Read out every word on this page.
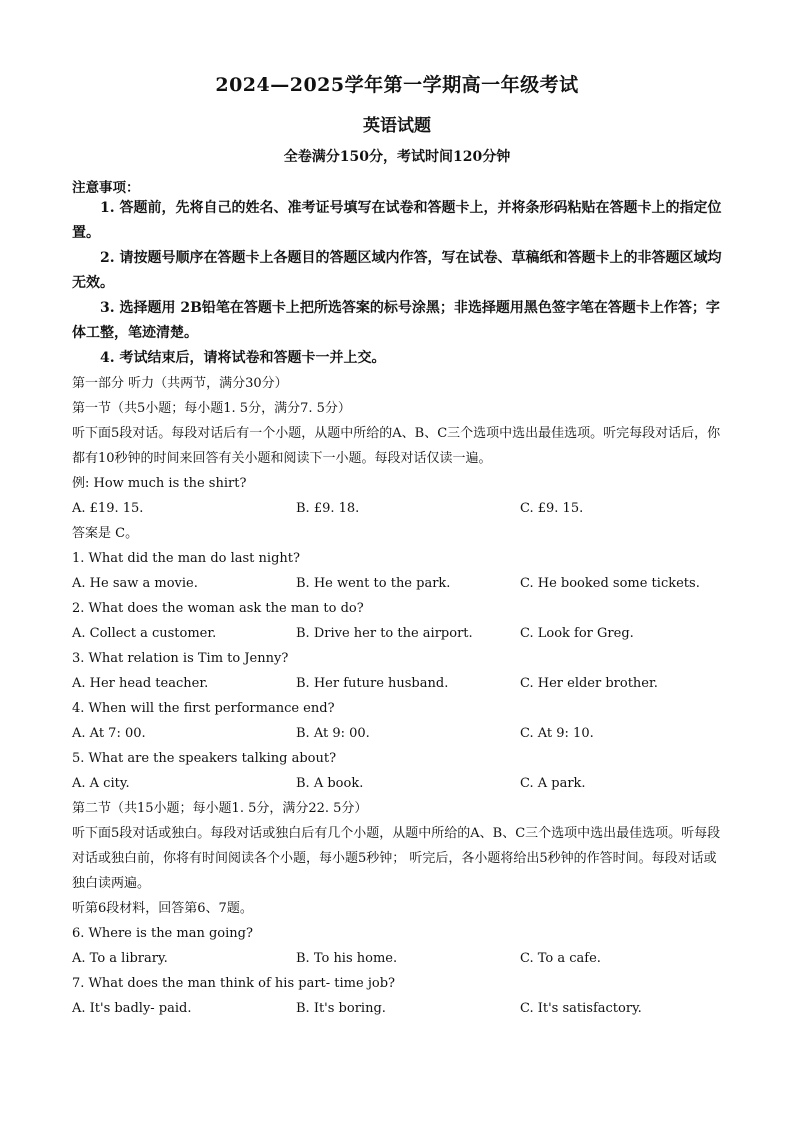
2024—2025学年第一学期高一年级考试
英语试题
全卷满分150分，考试时间120分钟
注意事项：

1. 答题前，先将自己的姓名、准考证号填写在试卷和答题卡上，并将条形码粘贴在答题卡上的指定位置。

2. 请按题号顺序在答题卡上各题目的答题区域内作答，写在试卷、草稿纸和答题卡上的非答题区域均无效。

3. 选择题用 2B铅笔在答题卡上把所选答案的标号涂黑；非选择题用黑色签字笔在答题卡上作答；字体工整，笔迹清楚。

4. 考试结束后，请将试卷和答题卡一并上交。

第一部分 听力（共两节，满分30分）

第一节（共5小题；每小题1. 5分，满分7. 5分）

听下面5段对话。每段对话后有一个小题，从题中所给的A、B、C三个选项中选出最佳选项。听完每段对话后，你都有10秒钟的时间来回答有关小题和阅读下一小题。每段对话仅读一遍。

例: How much is the shirt?

A. £19. 15.	B. £9. 18.	C. £9. 15.

答案是 C。

1. What did the man do last night?

A. He saw a movie.	B. He went to the park.	C. He booked some tickets.

2. What does the woman ask the man to do?

A. Collect a customer.	B. Drive her to the airport.	C. Look for Greg.

3. What relation is Tim to Jenny?

A. Her head teacher.	B. Her future husband.	C. Her elder brother.

4. When will the first performance end?

A. At 7: 00.	B. At 9: 00.	C. At 9: 10.

5. What are the speakers talking about?

A. A city.	B. A book.	C. A park.

第二节（共15小题；每小题1. 5分，满分22. 5分）

听下面5段对话或独白。每段对话或独白后有几个小题，从题中所给的A、B、C三个选项中选出最佳选项。听每段对话或独白前，你将有时间阅读各个小题，每小题5秒钟； 听完后，各小题将给出5秒钟的作答时间。每段对话或独白读两遍。

听第6段材料，回答第6、7题。

6. Where is the man going?

A. To a library.	B. To his home.	C. To a cafe.

7. What does the man think of his part- time job?

A. It's badly- paid.	B. It's boring.	C. It's satisfactory.
